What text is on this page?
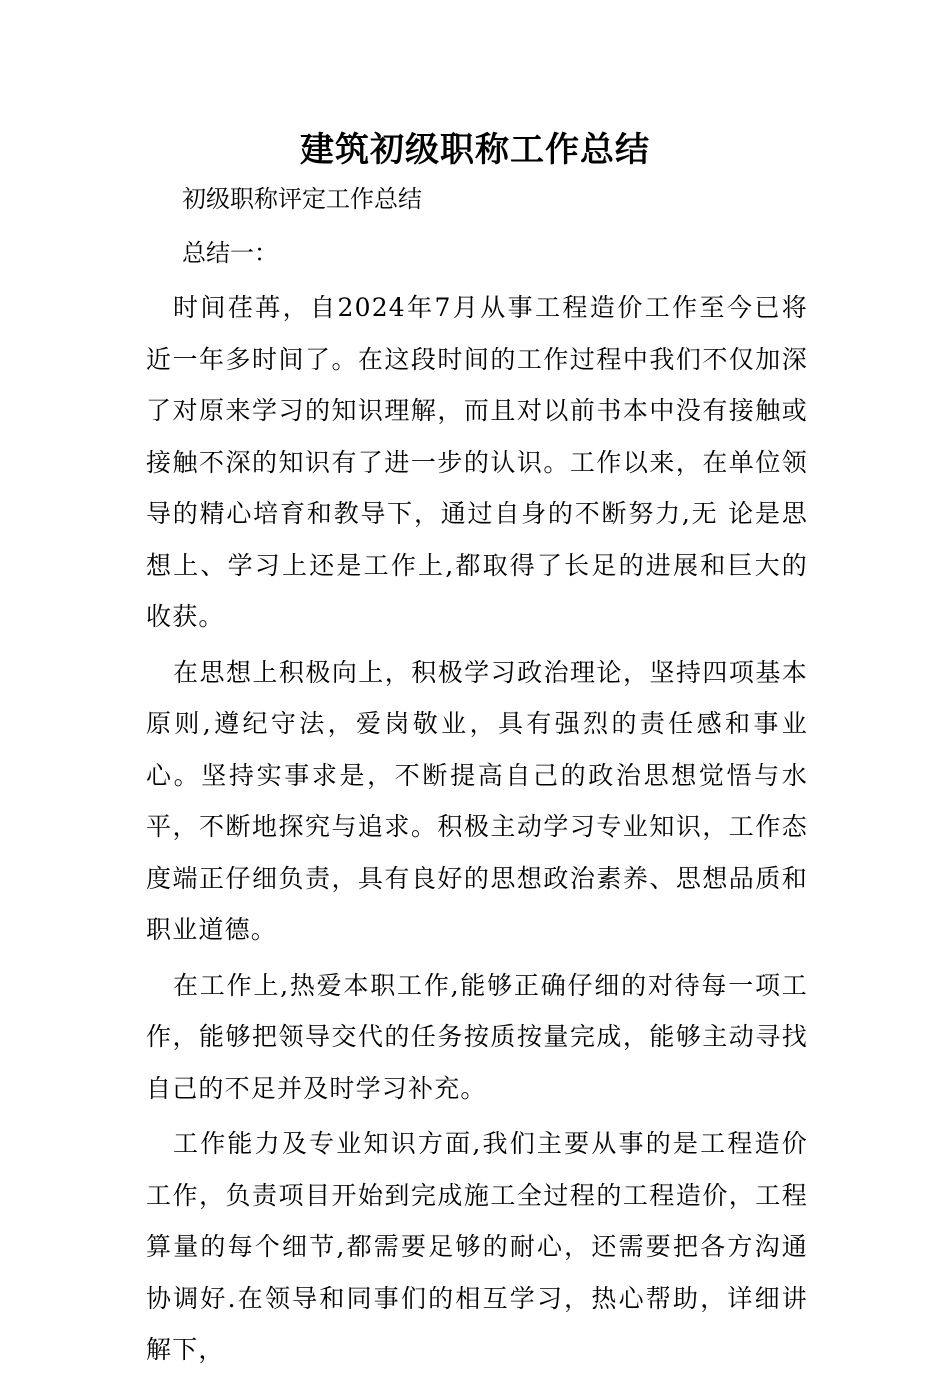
建筑初级职称工作总结

初级职称评定工作总结

总结一：

时间荏苒，自2024年7月从事工程造价工作至今已将近一年多时间了。在这段时间的工作过程中我们不仅加深 了对原来学习的知识理解，而且对以前书本中没有接触或接触不深的知识有了进一步的认识。工作以来，在单位领导的精心培育和教导下，通过自身的不断努力,无 论是思想上、学习上还是工作上,都取得了长足的进展和巨大的收获。

在思想上积极向上，积极学习政治理论，坚持四项基本原则,遵纪守法，爱岗敬业，具有强烈的责任感和事业心。坚持实事求是，不断提高自己的政治思想觉悟与水平，不断地探究与追求。积极主动学习专业知识，工作态度端正仔细负责，具有良好的思想政治素养、思想品质和职业道德。

在工作上,热爱本职工作,能够正确仔细的对待每一项工作，能够把领导交代的任务按质按量完成，能够主动寻找自己的不足并及时学习补充。

工作能力及专业知识方面,我们主要从事的是工程造价工作，负责项目开始到完成施工全过程的工程造价，工程算量的每个细节,都需要足够的耐心，还需要把各方沟通协调好.在领导和同事们的相互学习，热心帮助，详细讲解下，
